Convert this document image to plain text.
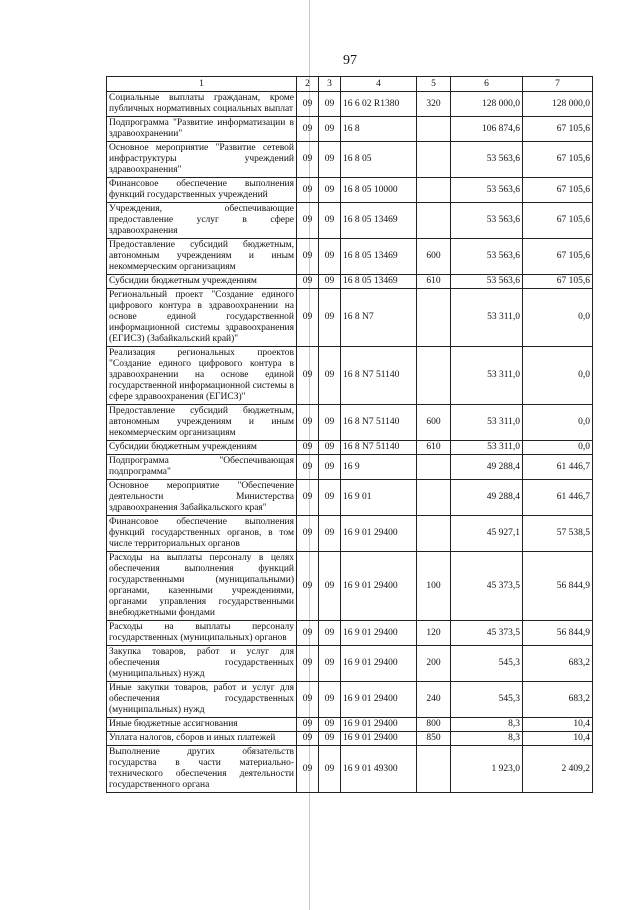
97
1	2	3	4	5	6	7
Социальные выплаты гражданам, кроме публичных нормативных социальных выплат	09	09	16 6 02 R1380	320	128 000,0	128 000,0
Подпрограмма "Развитие информатизации в здравоохранении"	09	09	16 8		106 874,6	67 105,6
Основное мероприятие "Развитие сетевой инфраструктуры учреждений здравоохранения"	09	09	16 8 05		53 563,6	67 105,6
Финансовое обеспечение выполнения функций государственных учреждений	09	09	16 8 05 10000		53 563,6	67 105,6
Учреждения, обеспечивающие предоставление услуг в сфере здравоохранения	09	09	16 8 05 13469		53 563,6	67 105,6
Предоставление субсидий бюджетным, автономным учреждениям и иным некоммерческим организациям	09	09	16 8 05 13469	600	53 563,6	67 105,6
Субсидии бюджетным учреждениям	09	09	16 8 05 13469	610	53 563,6	67 105,6
Региональный проект "Создание единого цифрового контура в здравоохранении на основе единой государственной информационной системы здравоохранения (ЕГИСЗ) (Забайкальский край)"	09	09	16 8 N7		53 311,0	0,0
Реализация региональных проектов "Создание единого цифрового контура в здравоохранении на основе единой государственной информационной системы в сфере здравоохранения (ЕГИСЗ)"	09	09	16 8 N7 51140		53 311,0	0,0
Предоставление субсидий бюджетным, автономным учреждениям и иным некоммерческим организациям	09	09	16 8 N7 51140	600	53 311,0	0,0
Субсидии бюджетным учреждениям	09	09	16 8 N7 51140	610	53 311,0	0,0
Подпрограмма "Обеспечивающая подпрограмма"	09	09	16 9		49 288,4	61 446,7
Основное мероприятие "Обеспечение деятельности Министерства здравоохранения Забайкальского края"	09	09	16 9 01		49 288,4	61 446,7
Финансовое обеспечение выполнения функций государственных органов, в том числе территориальных органов	09	09	16 9 01 29400		45 927,1	57 538,5
Расходы на выплаты персоналу в целях обеспечения выполнения функций государственными (муниципальными) органами, казенными учреждениями, органами управления государственными внебюджетными фондами	09	09	16 9 01 29400	100	45 373,5	56 844,9
Расходы на выплаты персоналу государственных (муниципальных) органов	09	09	16 9 01 29400	120	45 373,5	56 844,9
Закупка товаров, работ и услуг для обеспечения государственных (муниципальных) нужд	09	09	16 9 01 29400	200	545,3	683,2
Иные закупки товаров, работ и услуг для обеспечения государственных (муниципальных) нужд	09	09	16 9 01 29400	240	545,3	683,2
Иные бюджетные ассигнования	09	09	16 9 01 29400	800	8,3	10,4
Уплата налогов, сборов и иных платежей	09	09	16 9 01 29400	850	8,3	10,4
Выполнение других обязательств государства в части материально-технического обеспечения деятельности государственного органа	09	09	16 9 01 49300		1 923,0	2 409,2
